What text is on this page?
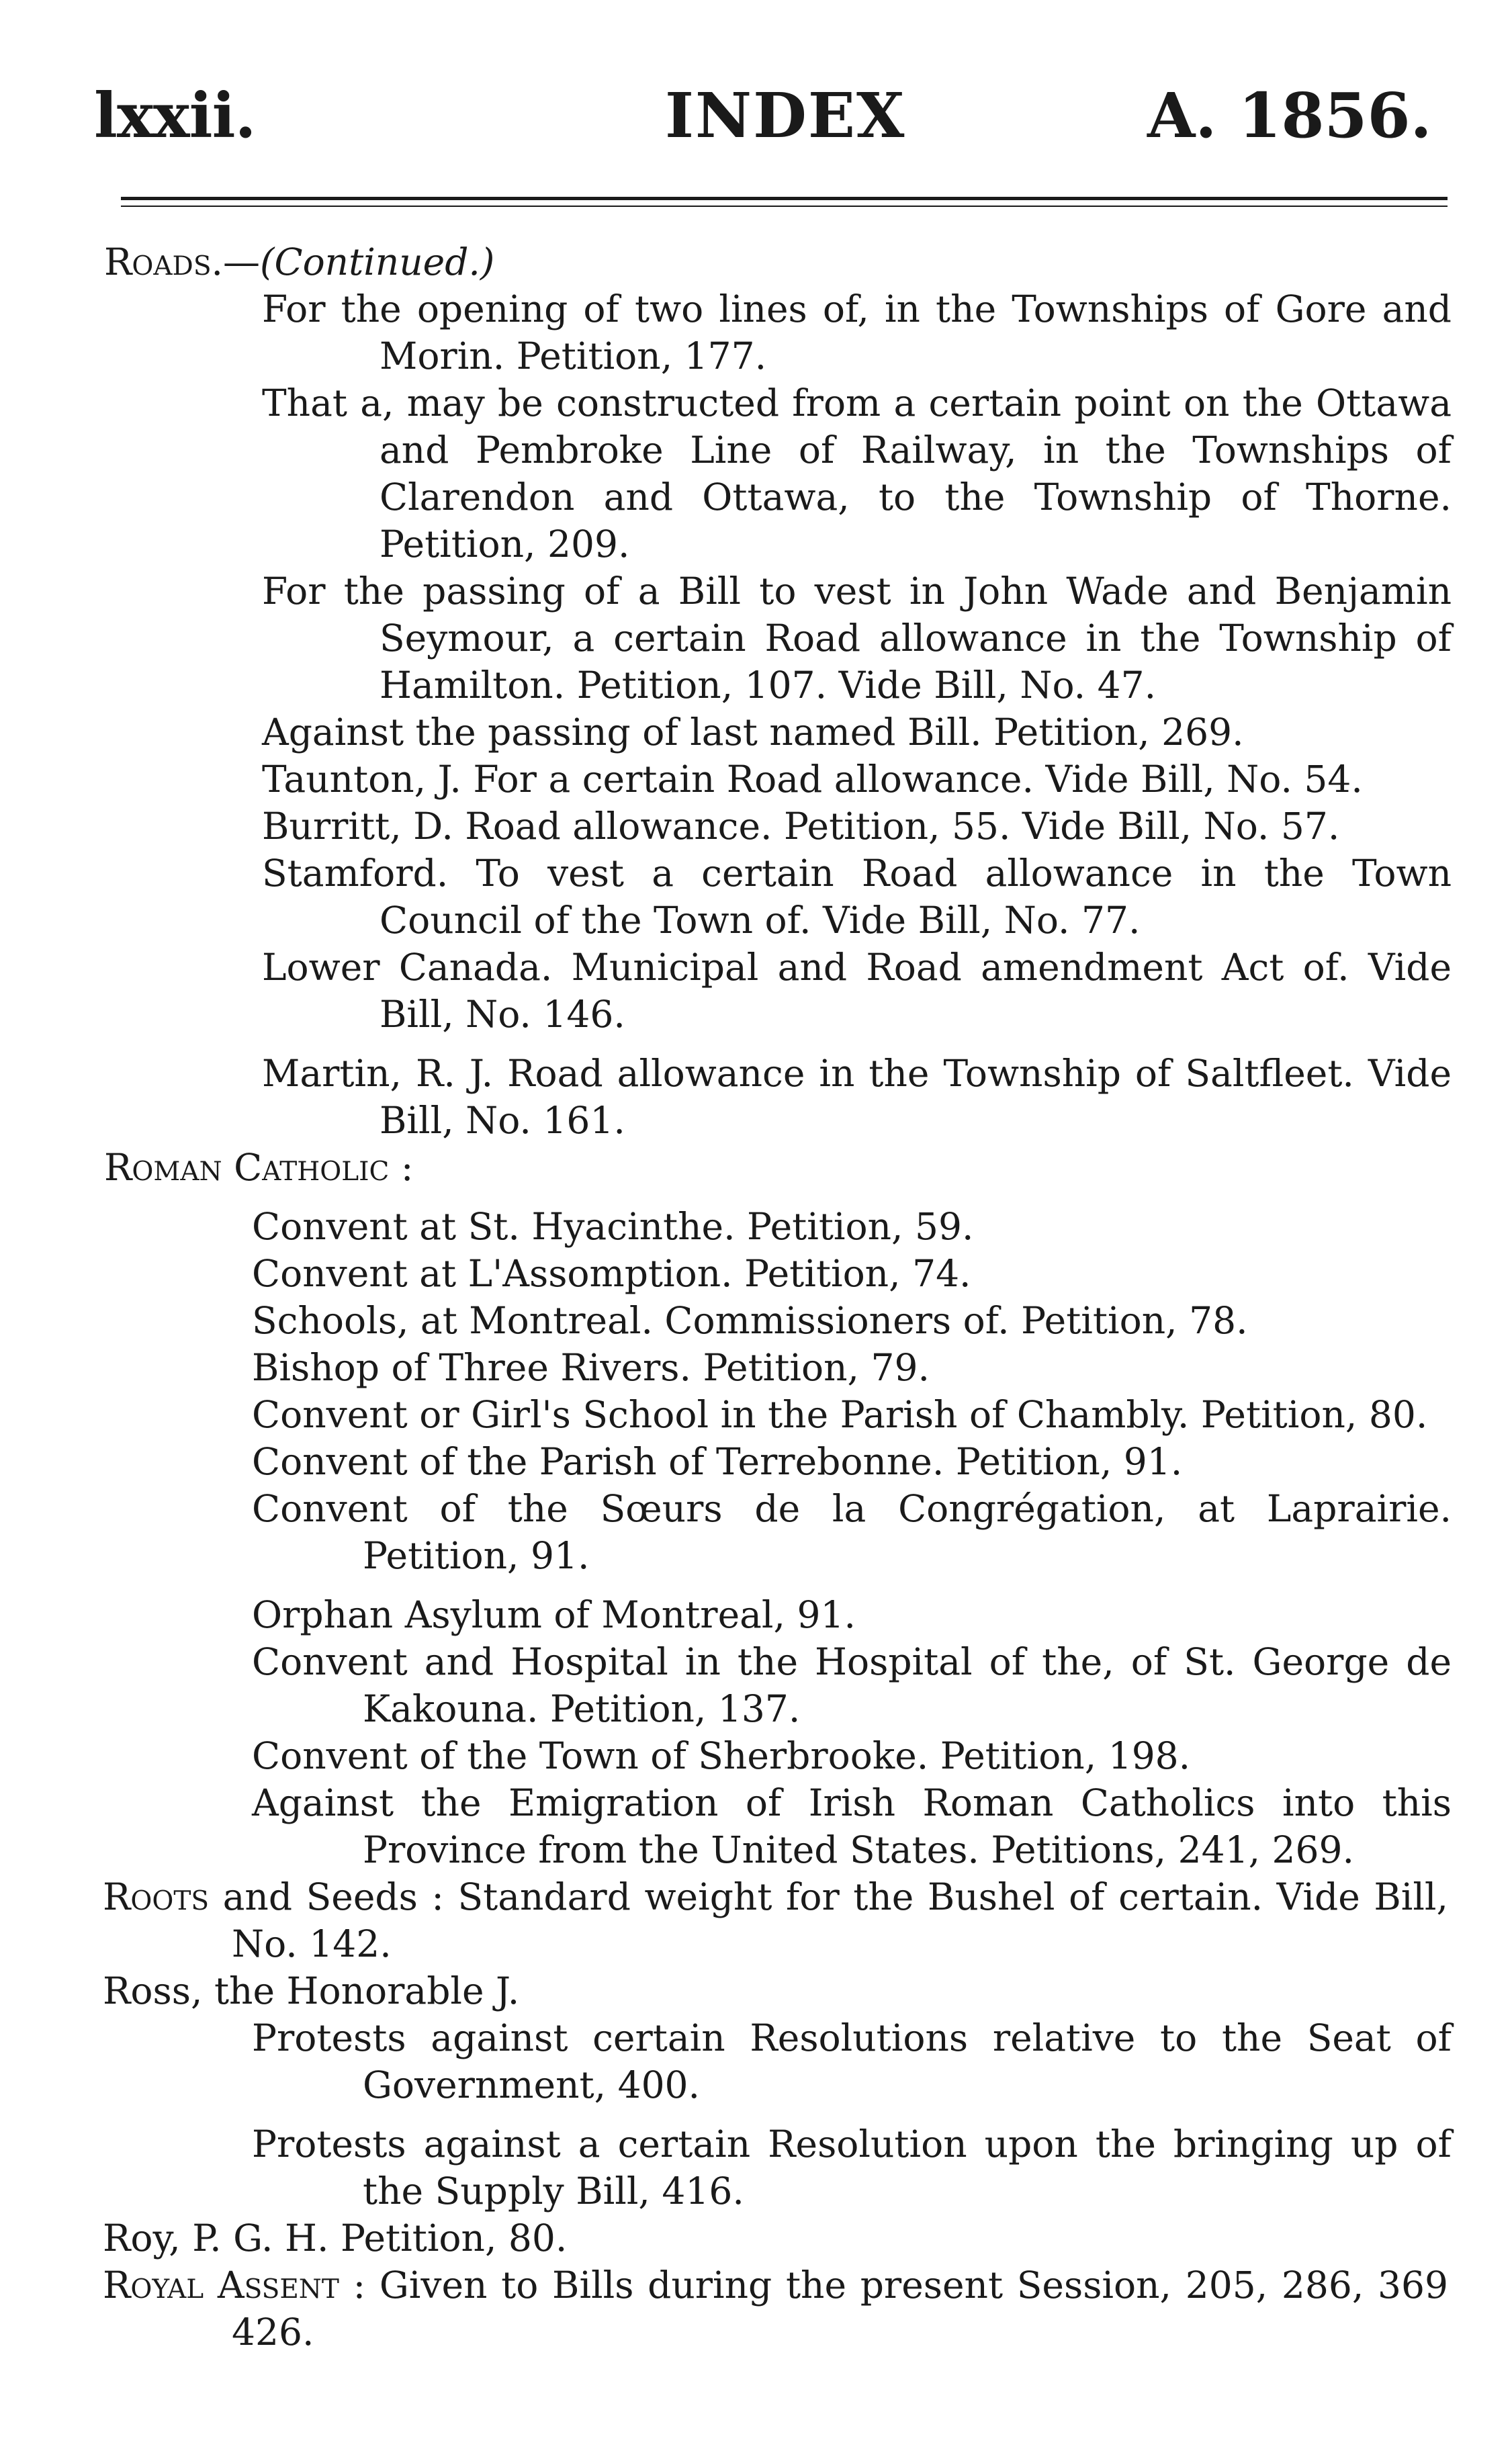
lxxii.	INDEX	A. 1856.
Roads.—(Continued.)
For the opening of two lines of, in the Townships of Gore and Morin. Petition, 177.
That a, may be constructed from a certain point on the Ottawa and Pembroke Line of Railway, in the Townships of Clarendon and Ottawa, to the Township of Thorne. Petition, 209.
For the passing of a Bill to vest in John Wade and Benjamin Seymour, a certain Road allowance in the Township of Hamilton. Petition, 107. Vide Bill, No. 47.
Against the passing of last named Bill. Petition, 269.
Taunton, J. For a certain Road allowance. Vide Bill, No. 54.
Burritt, D. Road allowance. Petition, 55. Vide Bill, No. 57.
Stamford. To vest a certain Road allowance in the Town Council of the Town of. Vide Bill, No. 77.
Lower Canada. Municipal and Road amendment Act of. Vide Bill, No. 146.
Martin, R. J. Road allowance in the Township of Saltfleet. Vide Bill, No. 161.
Roman Catholic :
Convent at St. Hyacinthe. Petition, 59.
Convent at L'Assomption. Petition, 74.
Schools, at Montreal. Commissioners of. Petition, 78.
Bishop of Three Rivers. Petition, 79.
Convent or Girl's School in the Parish of Chambly. Petition, 80.
Convent of the Parish of Terrebonne. Petition, 91.
Convent of the Sœurs de la Congrégation, at Laprairie. Petition, 91.
Orphan Asylum of Montreal, 91.
Convent and Hospital in the Hospital of the, of St. George de Kakouna. Petition, 137.
Convent of the Town of Sherbrooke. Petition, 198.
Against the Emigration of Irish Roman Catholics into this Province from the United States. Petitions, 241, 269.
Roots and Seeds : Standard weight for the Bushel of certain. Vide Bill, No. 142.
Ross, the Honorable J.
Protests against certain Resolutions relative to the Seat of Government, 400.
Protests against a certain Resolution upon the bringing up of the Supply Bill, 416.
Roy, P. G. H. Petition, 80.
Royal Assent : Given to Bills during the present Session, 205, 286, 369 426.
